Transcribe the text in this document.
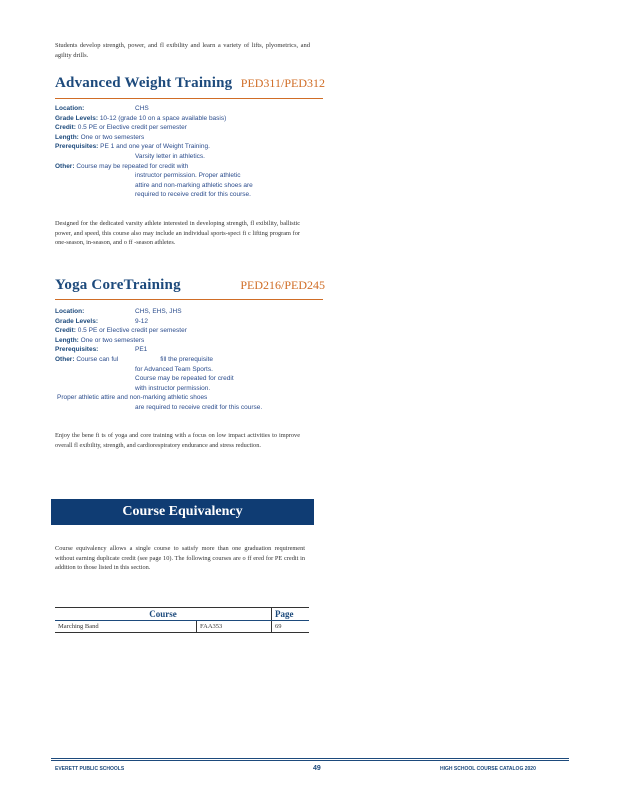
Students develop strength, power, and fl exibility and learn a variety of lifts, plyometrics, and agility drills.
Advanced Weight Training PED311/PED312
Location:	CHS
Grade Levels:
10-12 (grade 10 on a space available basis)
Credit:
0.5 PE or Elective credit per semester
Length:
One or two semesters
Prerequisites:
PE 1 and one year of Weight Training.
Varsity letter in athletics.
Other:
Course may be repeated for credit with
instructor permission. Proper athletic
attire and non-marking athletic shoes are
required to receive credit for this course.
Designed for the dedicated varsity athlete interested in developing strength, fl exibility, ballistic power, and speed, this course also may include an individual sports-speci fi c lifting program for one-season, in-season, and o ff -season athletes.
Yoga CoreTraining	PED216/PED245
Location:	CHS, EHS, JHS
Grade Levels:	9-12
Credit:
0.5 PE or Elective credit per semester
Length:
One or two semesters
Prerequisites:	PE1
Other:
Course can ful	fill the prerequisite
for Advanced Team Sports.
Course may be repeated for credit
with instructor permission.
Proper athletic attire and non-marking athletic shoes
are required to receive credit for this course.
Enjoy the bene fi ts of yoga and core training with a focus on low impact activities to improve overall fl exibility, strength, and cardiorespiratory endurance and stress reduction.
Course Equivalency
Course equivalency allows a single course to satisfy more than one graduation requirement without earning duplicate credit (see page 10). The following courses are o ff ered for PE credit in addition to those listed in this section.
Course		Page
Marching Band	FAA353	69
EVERETT PUBLIC SCHOOLS	49	HIGH SCHOOL COURSE CATALOG 2020
